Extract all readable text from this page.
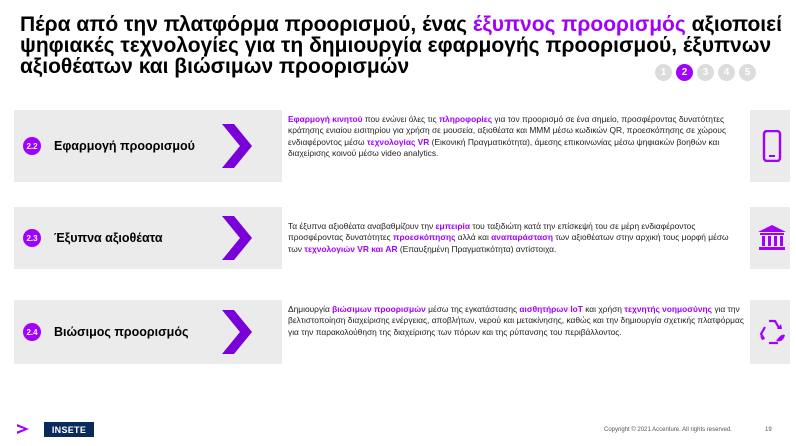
Πέρα από την πλατφόρμα προορισμού, ένας έξυπνος προορισμός αξιοποιεί ψηφιακές τεχνολογίες για τη δημιουργία εφαρμογής προορισμού, έξυπνων αξιοθέατων και βιώσιμων προορισμών	1	2	3	4	5
2.2 Εφαρμογή προορισμού
Εφαρμογή κινητού που ενώνει όλες τις πληροφορίες για τον προορισμό σε ένα σημείο, προσφέροντας δυνατότητες κράτησης ενιαίου εισιτηρίου για χρήση σε μουσεία, αξιοθέατα και ΜΜΜ μέσω κωδικών QR, προεσκόπησης σε χώρους ενδιαφέροντος μέσω τεχνολογίας VR (Εικονική Πραγματικότητα), άμεσης επικοινωνίας μέσω ψηφιακών βοηθών και διαχείρισης κοινού μέσω video analytics.
2.3 Έξυπνα αξιοθέατα
Τα έξυπνα αξιοθέατα αναβαθμίζουν την εμπειρία του ταξιδιώτη κατά την επίσκεψή του σε μέρη ενδιαφέροντος προσφέροντας δυνατότητες προεσκόπησης αλλά και αναπαράσταση των αξιοθέατων στην αρχική τους μορφή μέσω των τεχνολογιών VR και AR (Επαυξημένη Πραγματικότητα) αντίστοιχα.
2.4 Βιώσιμος προορισμός
Δημιουργία βιώσιμων προορισμών μέσω της εγκατάστασης αισθητήρων IoT και χρήση τεχνητής νοημοσύνης για την βελτιστοποίηση διαχείρισης ενέργειας, αποβλήτων, νερού και μετακίνησης, καθώς και την δημιουργία σχετικής πλατφόρμας για την παρακολούθηση της διαχείρισης των πόρων και της ρύπανσης του περιβάλλοντος.
INSETE	Copyright © 2021 Accenture. All rights reserved.	19
